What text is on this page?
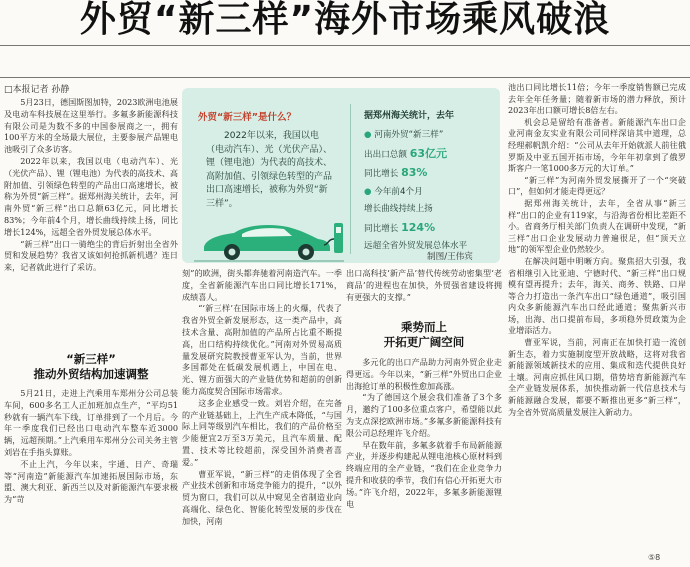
外贸“新三样”海外市场乘风破浪
□本报记者 孙静

5月23日，德国斯图加特，2023欧洲电池展及电动车科技展在这里举行。多氟多新能源科技有限公司是为数不多的中国参展商之一，拥有100平方米的全场最大展位，主要参展产品锂电池吸引了众多访客。

2022年以来，我国以电（电动汽车）、光（光伏产品）、锂（锂电池）为代表的高技术、高附加值、引领绿色转型的产品出口高速增长，被称为外贸“新三样”。据郑州海关统计，去年，河南外贸“新三样”出口总额63亿元，同比增长83%；今年前4个月，增长曲线持续上扬，同比增长124%，远超全省外贸发展总体水平。

“新三样”出口一骑绝尘的背后折射出全省外贸和发展趋势？我省又该如何抢抓新机遇？连日来，记者就此进行了采访。

“新三样”
推动外贸结构加速调整

5月21日，走进上汽乘用车郑州分公司总装车间，600多名工人正加班加点生产，“平均51秒就有一辆汽车下线，订单排到了一个月后。今年一季度我们已经出口电动汽车整车近3000辆，远超预期。”上汽乘用车郑州分公司关务主管刘岩在手指头算账。

不止上汽，今年以来，宇通、日产、奇瑞等“河南造”新能源汽车加速拓展国际市场，东盟、澳大利亚、新西兰以及对新能源汽车要求极为“苛

外贸“新三样”是什么？

2022年以来，我国以电（电动汽车）、光（光伏产品）、锂（锂电池）为代表的高技术、高附加值、引领绿色转型的产品出口高速增长，被称为外贸“新三样”。

据郑州海关统计，去年
● 河南外贸“新三样”
出出口总额 63亿元
同比增长 83%
● 今年前4个月
增长曲线持续上扬
同比增长 124%
远超全省外贸发展总体水平
制图/王伟宾

刻”的欧洲，街头都奔驰着河南造汽车。一季度，全省新能源汽车出口同比增长171%，成绩喜人。

“‘新三样’在国际市场上的火爆，代表了我省外贸全新发展形态，这一类产品中，高技术含量、高附加值的产品所占比重不断提高，出口结构持续优化。”河南对外贸易高质量发展研究院教授曹亚军认为，当前，世界多国都处在低碳发展机遇上，中国在电、光、锂方面强大的产业链优势和超前的创新能力高度契合国际市场需求。

这多企业感受一致。刘岩介绍，在完备的产业链基础上，上汽生产成本降低，“与国际上同等级别汽车相比，我们的产品价格至少能便宜2万至3万美元，且汽车质量、配置、技术等比较超前，深受国外消费者喜爱。”

曹亚军说，“新三样”的走俏体现了全省产业技术创新和市场竞争能力的提升，“以外贸为窗口，我们可以从中窥见全省制造业向高端化、绿色化、智能化转型发展的步伐在加快，河南

出口高科技‘新产品’替代传统劳动密集型‘老商品’的进程也在加快，外贸强省建设将拥有更强大的支撑。”

乘势而上
开拓更广阔空间

多元化的出口产品助力河南外贸企业走得更远。今年以来，“新三样”外贸出口企业出海抢订单的积极性愈加高涨。

“为了德国这个展会我们准备了3个多月，邀约了100多位重点客户，希望能以此为支点深挖欧洲市场。”多氟多新能源科技有限公司总经理许飞介绍。

早在数年前，多氟多就着手布局新能源产业，并逐步构建起从锂电池核心原材料到终端应用的全产业链，“我们在企业竞争力提升和收获的季节，我们有信心开拓更大市场。”许飞介绍，2022年，多氟多新能源锂电

池出口同比增长11倍；今年一季度销售额已完成去年全年任务量；随着新市场的潜力释放，预计2023年出口额可增长8倍左右。

机会总是留给有准备者。新能源汽车出口企业河南金友实业有限公司同样深谙其中道理，总经理郝帆凯介绍：“公司从去年开始就派人前往俄罗斯及中亚五国开拓市场，今年年初拿到了俄罗斯客户一笔1000多万元的大订单。”

“新三样”为河南外贸发展撕开了一个“突破口”，但如何才能走得更远？

据郑州海关统计，去年，全省从事“新三样”出口的企业有119家，与沿海省份相比差距不小。省商务厅相关部门负责人在调研中发现，“新三样”出口企业发展动力普遍很足，但“顶天立地”的领军型企业仍然较少。

在解决问题中明晰方向。聚焦招大引强，我省相继引入比亚迪、宁德时代、“新三样”出口规模有望再提升；去年，海关、商务、铁路、口岸等合力打造出一条汽车出口“绿色通道”，吸引国内众多新能源汽车出口经此通道；聚焦新兴市场，出海、出口提前布局，多项稳外贸政策为企业增添活力。

曹亚军说，当前，河南正在加快打造一流创新生态，着力实施制度型开放战略，这将对我省新能源领域新技术的应用、集成和迭代提供良好土壤。河南应抓住风口期，借势培育新能源汽车全产业链发展体系，加快推动新一代信息技术与新能源融合发展，都要不断推出更多“新三样”，为全省外贸高质量发展注入新动力。

⑤8
